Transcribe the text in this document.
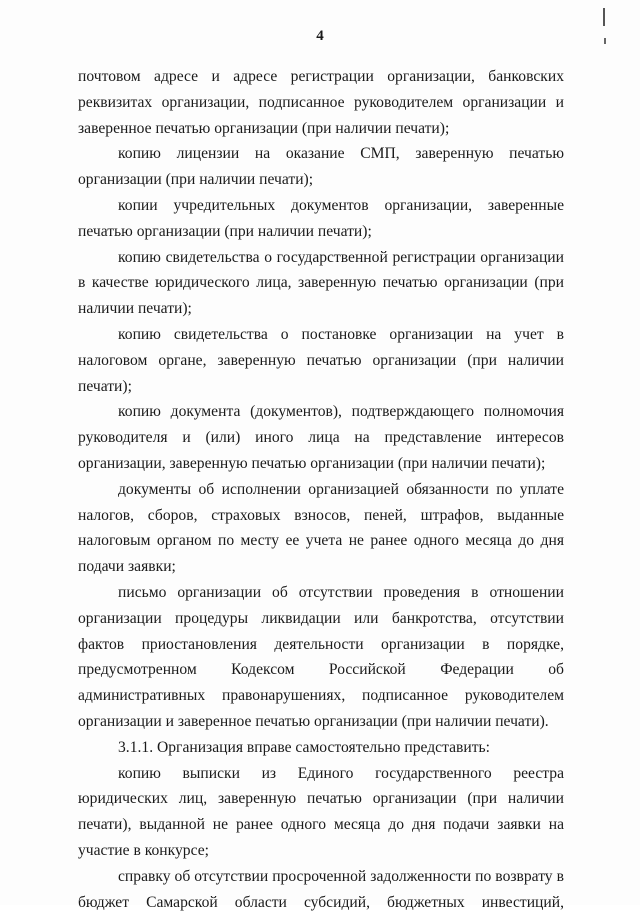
4

почтовом адресе и адресе регистрации организации, банковских реквизитах организации, подписанное руководителем организации и заверенное печатью организации (при наличии печати);

копию лицензии на оказание СМП, заверенную печатью организации (при наличии печати);

копии учредительных документов организации, заверенные печатью организации (при наличии печати);

копию свидетельства о государственной регистрации организации в качестве юридического лица, заверенную печатью организации (при наличии печати);

копию свидетельства о постановке организации на учет в налоговом органе, заверенную печатью организации (при наличии печати);

копию документа (документов), подтверждающего полномочия руководителя и (или) иного лица на представление интересов организации, заверенную печатью организации (при наличии печати);

документы об исполнении организацией обязанности по уплате налогов, сборов, страховых взносов, пеней, штрафов, выданные налоговым органом по месту ее учета не ранее одного месяца до дня подачи заявки;

письмо организации об отсутствии проведения в отношении организации процедуры ликвидации или банкротства, отсутствии фактов приостановления деятельности организации в порядке, предусмотренном Кодексом Российской Федерации об административных правонарушениях, подписанное руководителем организации и заверенное печатью организации (при наличии печати).

3.1.1. Организация вправе самостоятельно представить:

копию выписки из Единого государственного реестра юридических лиц, заверенную печатью организации (при наличии печати), выданной не ранее одного месяца до дня подачи заявки на участие в конкурсе;

справку об отсутствии просроченной задолженности по возврату в бюджет Самарской области субсидий, бюджетных инвестиций,
